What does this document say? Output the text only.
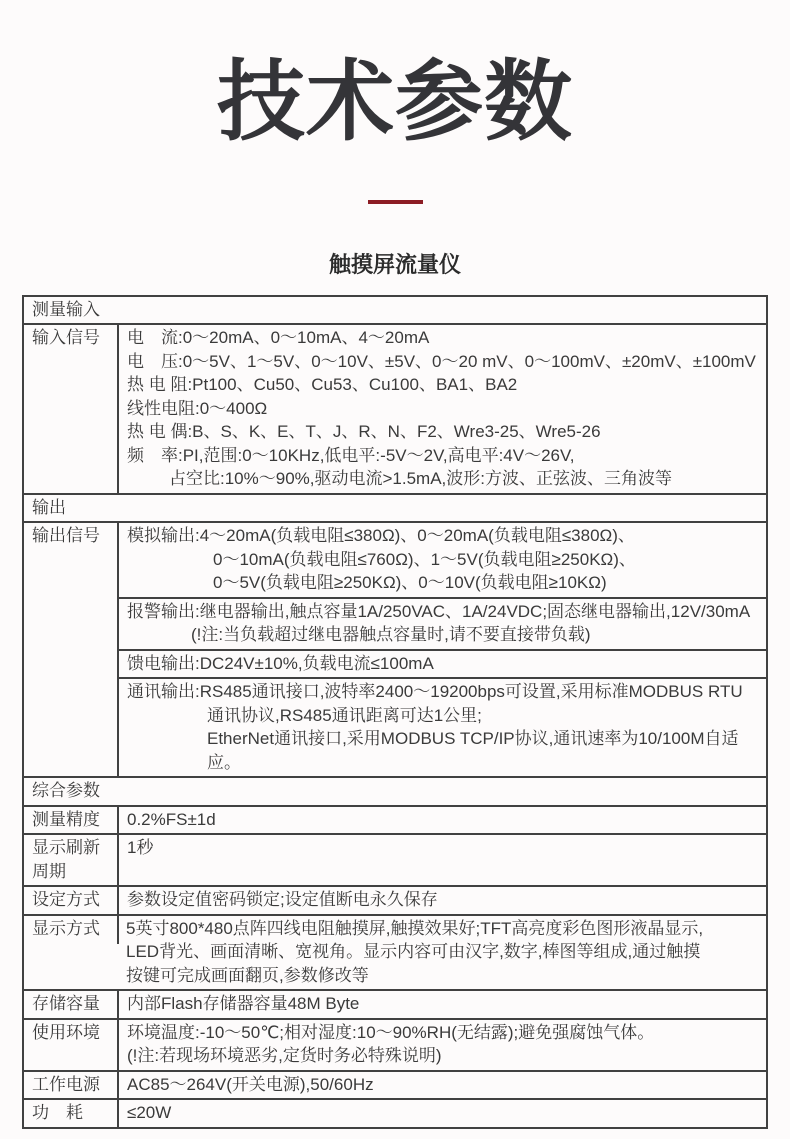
技术参数
触摸屏流量仪
测量输入	
输入信号	电　流:0～20mA、0～10mA、4～20mA
电　压:0～5V、1～5V、0～10V、±5V、0～20 mV、0～100mV、±20mV、±100mV
热 电 阻:Pt100、Cu50、Cu53、Cu100、BA1、BA2
线性电阻:0～400Ω
热 电 偶:B、S、K、E、T、J、R、N、F2、Wre3-25、Wre5-26
频　率:PI,范围:0～10KHz,低电平:-5V～2V,高电平:4V～26V,
占空比:10%～90%,驱动电流>1.5mA,波形:方波、正弦波、三角波等

输出	
输出信号	模拟输出:4～20mA(负载电阻≤380Ω)、0～20mA(负载电阻≤380Ω)、
0～10mA(负载电阻≤760Ω)、1～5V(负载电阻≥250KΩ)、
0～5V(负载电阻≥250KΩ)、0～10V(负载电阻≥10KΩ)

	报警输出:继电器输出,触点容量1A/250VAC、1A/24VDC;固态继电器输出,12V/30mA
(!注:当负载超过继电器触点容量时,请不要直接带负载)

	馈电输出:DC24V±10%,负载电流≤100mA

	通讯输出:RS485通讯接口,波特率2400～19200bps可设置,采用标准MODBUS RTU
通讯协议,RS485通讯距离可达1公里;
EtherNet通讯接口,采用MODBUS TCP/IP协议,通讯速率为10/100M自适应。

综合参数	
测量精度	0.2%FS±1d
显示刷新周期	1秒
设定方式	参数设定值密码锁定;设定值断电永久保存
显示方式	5英寸800*480点阵四线电阻触摸屏,触摸效果好;TFT高亮度彩色图形液晶显示,
LED背光、画面清晰、宽视角。显示内容可由汉字,数字,棒图等组成,通过触摸
按键可完成画面翻页,参数修改等

存储容量	内部Flash存储器容量48M Byte
使用环境	环境温度:-10～50℃;相对湿度:10～90%RH(无结露);避免强腐蚀气体。
(!注:若现场环境恶劣,定货时务必特殊说明)

工作电源	AC85～264V(开关电源),50/60Hz
功　耗	≤20W
